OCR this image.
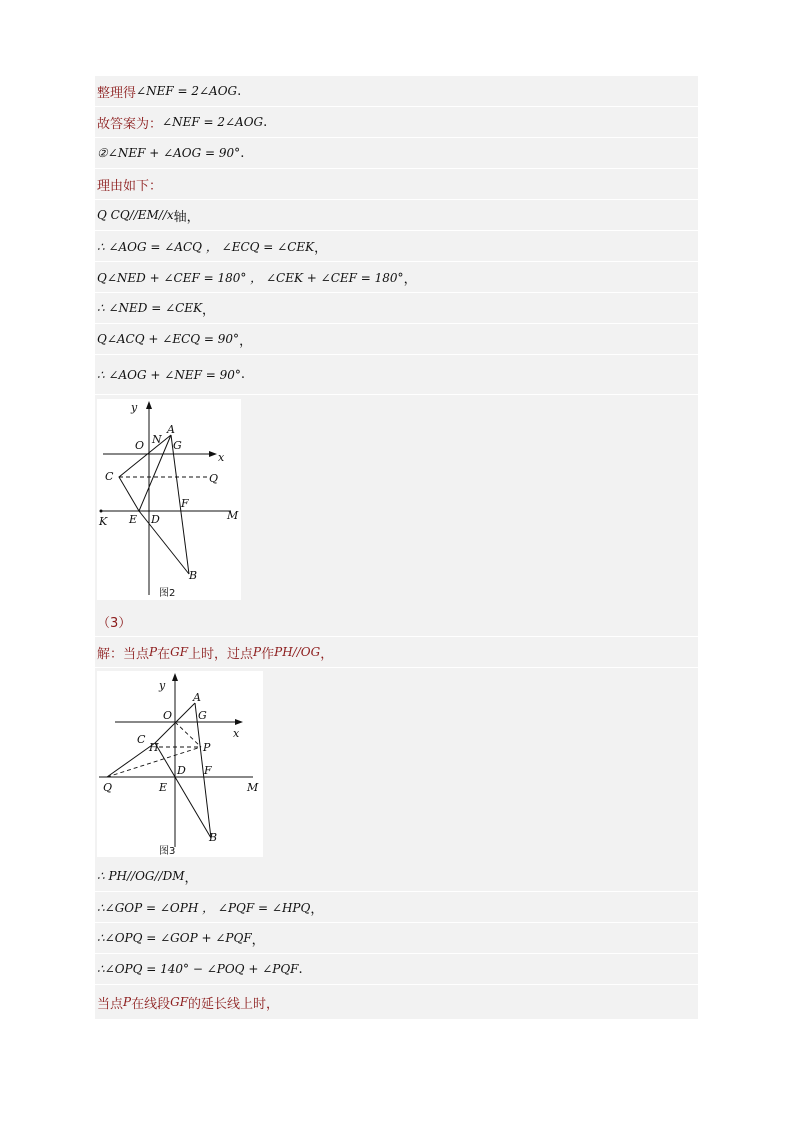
整理得 ∠NEF = 2∠AOG .
故答案为： ∠NEF = 2∠AOG .
②∠NEF + ∠AOG = 90° .
理由如下：
Q CQ//EM//x 轴，
∴ ∠AOG = ∠ACQ ， ∠ECQ = ∠CEK ，
Q∠NED + ∠CEF = 180° ， ∠CEK + ∠CEF = 180° ，
∴ ∠NED = ∠CEK ，
Q∠ACQ + ∠ECQ = 90° ，
∴ ∠AOG + ∠NEF = 90° .
y
x
A
N
O	G
C	Q
F
K E D	M
B
图2
（3）
解：当点 P 在 GF 上时，过点 P 作 PH//OG ，
y
x
A
O G
C
H	P
D F
Q	E	M
B
图3
∴ PH//OG//DM ，
∴∠GOP = ∠OPH ， ∠PQF = ∠HPQ ，
∴∠OPQ = ∠GOP + ∠PQF ，
∴∠OPQ = 140° − ∠POQ + ∠PQF .
当点 P 在线段 GF 的延长线上时，
